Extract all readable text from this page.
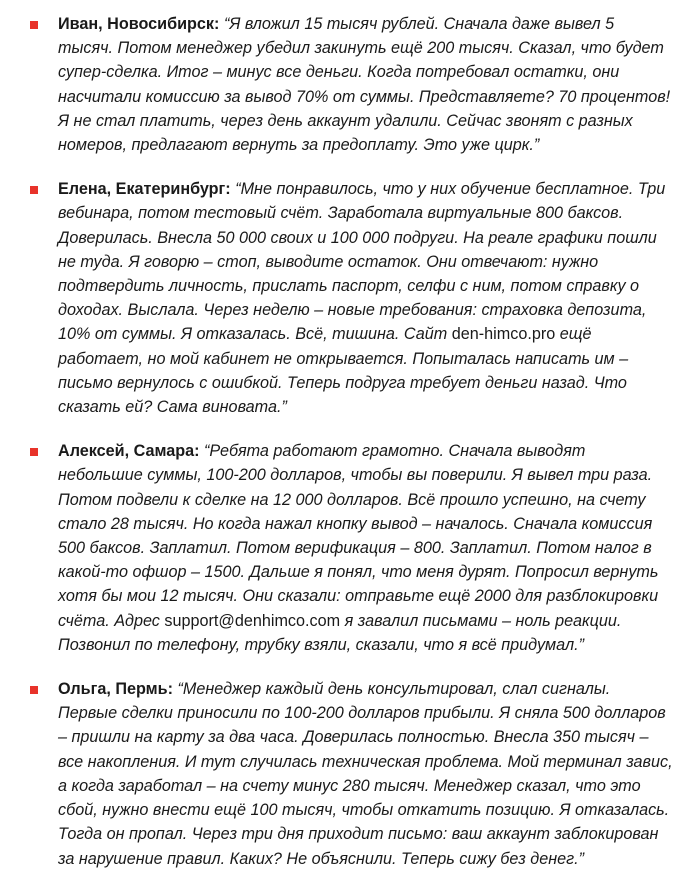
Иван, Новосибирск: “Я вложил 15 тысяч рублей. Сначала даже вывел 5 тысяч. Потом менеджер убедил закинуть ещё 200 тысяч. Сказал, что будет супер-сделка. Итог – минус все деньги. Когда потребовал остатки, они насчитали комиссию за вывод 70% от суммы. Представляете? 70 процентов! Я не стал платить, через день аккаунт удалили. Сейчас звонят с разных номеров, предлагают вернуть за предоплату. Это уже цирк.”
Елена, Екатеринбург: “Мне понравилось, что у них обучение бесплатное. Три вебинара, потом тестовый счёт. Заработала виртуальные 800 баксов. Доверилась. Внесла 50 000 своих и 100 000 подруги. На реале графики пошли не туда. Я говорю – стоп, выводите остаток. Они отвечают: нужно подтвердить личность, прислать паспорт, селфи с ним, потом справку о доходах. Выслала. Через неделю – новые требования: страховка депозита, 10% от суммы. Я отказалась. Всё, тишина. Сайт den-himco.pro ещё работает, но мой кабинет не открывается. Попыталась написать им – письмо вернулось с ошибкой. Теперь подруга требует деньги назад. Что сказать ей? Сама виновата.”
Алексей, Самара: “Ребята работают грамотно. Сначала выводят небольшие суммы, 100-200 долларов, чтобы вы поверили. Я вывел три раза. Потом подвели к сделке на 12 000 долларов. Всё прошло успешно, на счету стало 28 тысяч. Но когда нажал кнопку вывод – началось. Сначала комиссия 500 баксов. Заплатил. Потом верификация – 800. Заплатил. Потом налог в какой-то офшор – 1500. Дальше я понял, что меня дурят. Попросил вернуть хотя бы мои 12 тысяч. Они сказали: отправьте ещё 2000 для разблокировки счёта. Адрес support@denhimco.com я завалил письмами – ноль реакции. Позвонил по телефону, трубку взяли, сказали, что я всё придумал.”
Ольга, Пермь: “Менеджер каждый день консультировал, слал сигналы. Первые сделки приносили по 100-200 долларов прибыли. Я сняла 500 долларов – пришли на карту за два часа. Доверилась полностью. Внесла 350 тысяч – все накопления. И тут случилась техническая проблема. Мой терминал завис, а когда заработал – на счету минус 280 тысяч. Менеджер сказал, что это сбой, нужно внести ещё 100 тысяч, чтобы откатить позицию. Я отказалась. Тогда он пропал. Через три дня приходит письмо: ваш аккаунт заблокирован за нарушение правил. Каких? Не объяснили. Теперь сижу без денег.”
